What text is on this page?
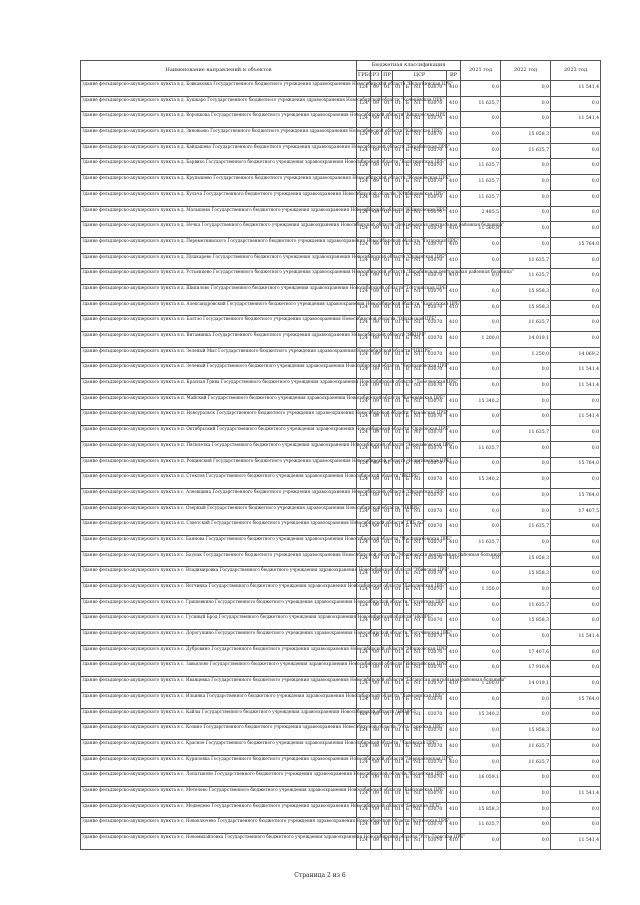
Наименование направлений и объектов	Бюджетная классификация								2021 год	2022 год	2023 год
	ГРБС	РЗ	ПР	ЦСР				ВР			
Здание фельдшерско-акушерского пункта в д. Бовкаковка Государственного бюджетного учреждения здравоохранения Новосибирской области "Болотнинская ЦРБ"	124	09	01	01	Б	N1	03070	410	0,0	0,0	11 541,4
Здание фельдшерско-акушерского пункта в д. Бушкаро Государственного бюджетного учреждения здравоохранения Новосибирской области "Коченёвская ЦРБ"	124	09	01	01	Б	N1	03070	410	11 635,7	0,0	0,0
Здание фельдшерско-акушерского пункта в д. Воронкова Государственного бюджетного учреждения здравоохранения Новосибирской области "Кыштовская ЦРБ"	124	09	01	01	Б	N1	03070	410	0,0	0,0	11 541,4
Здание фельдшерско-акушерского пункта в д. Зиновьево Государственного бюджетного учреждения здравоохранения Новосибирской области "Каменская ЦРБ"	124	09	01	01	Б	N1	03070	410	0,0	15 858,3	0,0
Здание фельдшерско-акушерского пункта в д. Кайдашево Государственного бюджетного учреждения здравоохранения Новосибирской области "Барабинская ЦРБ"	124	09	01	01	Б	N1	03070	410	0,0	11 635,7	0,0
Здание фельдшерско-акушерского пункта в д. Барвихо Государственного бюджетного учреждения здравоохранения Новосибирской области "Болотнинская ЦРБ"	124	09	01	01	Б	N1	03070	410	11 635,7	0,0	0,0
Здание фельдшерско-акушерского пункта в д. Крупышево Государственного бюджетного учреждения здравоохранения Новосибирской области "Коченёвская ЦРБ"	124	09	01	01	Б	N1	03070	410	11 635,7	0,0	0,0
Здание фельдшерско-акушерского пункта в д. Кульча Государственного бюджетного учреждения здравоохранения Новосибирской области "Куйбышевская ЦРБ"	124	09	01	01	Б	N1	03070	410	11 635,7	0,0	0,0
Здание фельдшерско-акушерского пункта в д. Малышево Государственного бюджетного учреждения здравоохранения Новосибирской области "Кыштовская ЦРБ"	124	09	01	01	Б	N1	03070	410	2 485,5	0,0	0,0
Здание фельдшерско-акушерского пункта в д. Ночка Государственного бюджетного учреждения здравоохранения Новосибирской области "Венгеровская центральная районная больница"	124	09	01	01	Б	N1	03070	410	11 560,8	0,0	0,0
Здание фельдшерско-акушерского пункта в д. Переметнинского Государственного бюджетного учреждения здравоохранения Новосибирской области "Татарская ЦРБ"	124	09	01	01	Б	N1	03070	410	0,0	0,0	15 764,0
Здание фельдшерско-акушерского пункта в д. Пушкарево Государственного бюджетного учреждения здравоохранения Новосибирской области "Ордынская ЦРБ"	124	09	01	01	Б	N1	03070	410	0,0	11 635,7	0,0
Здание фельдшерско-акушерского пункта в д. Устьянцево Государственного бюджетного учреждения здравоохранения Новосибирской области "Барабинская центральная районная больница"	124	09	01	01	Б	N1	03070	410	0,0	11 635,7	0,0
Здание фельдшерско-акушерского пункта в д. Шипилово Государственного бюджетного учреждения здравоохранения Новосибирской области "Тогучинская ЦРБ"	124	09	01	01	Б	N1	03070	410	0,0	15 858,3	0,0
Здание фельдшерско-акушерского пункта в п. Александровский Государственного бюджетного учреждения здравоохранения Новосибирской области "Каргатская ЦРБ"	124	09	01	01	Б	N1	03070	410	0,0	15 858,3	0,0
Здание фельдшерско-акушерского пункта в п. Балтэо Государственного бюджетного учреждения здравоохранения Новосибирской области "Ордынская ЦРБ"	124	09	01	01	Б	N1	03070	410	0,0	11 635,7	0,0
Здание фельдшерско-акушерского пункта в п. Витаминка Государственного бюджетного учреждения здравоохранения Новосибирской области "НКЦРБ"	124	09	01	01	Б	N1	03070	410	1 200,0	14 019,1	0,0
Здание фельдшерско-акушерского пункта в п. Зеленый Мыс Государственного бюджетного учреждения здравоохранения Новосибирской области "НКЦРБ"	124	09	01	01	Б	N1	03070	410	0,0	1 250,0	14 069,2
Здание фельдшерско-акушерского пункта в п. Зеленый Государственного бюджетного учреждения здравоохранения Новосибирской области "Черепановская ЦРБ"	124	09	01	01	Б	N1	03070	410	0,0	0,0	11 541,4
Здание фельдшерско-акушерского пункта в п. Красная Грива Государственного бюджетного учреждения здравоохранения Новосибирской области "Доволенская ЦРБ"	124	09	01	01	Б	N1	03070	410	0,0	0,0	11 541,4
Здание фельдшерско-акушерского пункта в п. Майский Государственного бюджетного учреждения здравоохранения Новосибирской области "Коченёвская ЦРБ"	124	09	01	01	Б	N1	03070	410	15 340,2	0,0	0,0
Здание фельдшерско-акушерского пункта в п. Новоуральск Государственного бюджетного учреждения здравоохранения Новосибирской области "Чановская ЦРБ"	124	09	01	01	Б	N1	03070	410	0,0	0,0	11 541,4
Здание фельдшерско-акушерского пункта в п. Октябрьский Государственного бюджетного учреждения здравоохранения Новосибирской области "Ордынская ЦРБ"	124	09	01	01	Б	N1	03070	410	0,0	11 635,7	0,0
Здание фельдшерско-акушерского пункта в п. Пятилетка Государственного бюджетного учреждения здравоохранения Новосибирской области "Черепановская ЦРБ"	124	09	01	01	Б	N1	03070	410	11 635,7	0,0	0,0
Здание фельдшерско-акушерского пункта в п. Рощинский Государственного бюджетного учреждения здравоохранения Новосибирской области "Искитимская ЦРБ"	124	09	01	01	Б	N1	03070	410	0,0	0,0	15 764,0
Здание фельдшерско-акушерского пункта в п. Стеклов Государственного бюджетного учреждения здравоохранения Новосибирской области "НКЦРБ"	124	09	01	01	Б	N1	03070	410	15 340,2	0,0	0,0
Здание фельдшерско-акушерского пункта в с. Алеевщина Государственного бюджетного учреждения здравоохранения Новосибирской области "Ордынская ЦРБ"	124	09	01	01	Б	N1	03070	410	0,0	0,0	15 764,0
Здание фельдшерско-акушерского пункта в с. Озерный Государственного бюджетного учреждения здравоохранения Новосибирской области "НКЦРБ"	124	09	01	01	Б	N1	03070	410	0,0	0,0	17 407,5
Здание фельдшерско-акушерского пункта в п. Советский Государственного бюджетного учреждения здравоохранения Новосибирской области "ГКБ №2"	124	09	01	01	Б	N1	03070	410	0,0	11 635,7	0,0
Здание фельдшерско-акушерского пункта в с. Баннова Государственного бюджетного учреждения здравоохранения Новосибирской области "Масляниковская ЦРБ"	124	09	01	01	Б	N1	03070	410	11 635,7	0,0	0,0
Здание фельдшерско-акушерского пункта в с. Баунак Государственного бюджетного учреждения здравоохранения Новосибирской области "Мошковская центральная районная больница"	124	09	01	01	Б	N1	03070	410	0,0	15 858,3	0,0
Здание фельдшерско-акушерского пункта в с. Владимировка Государственного бюджетного учреждения здравоохранения Новосибирской области "Убинская ЦРБ"	124	09	01	01	Б	N1	03070	410	0,0	15 858,3	0,0
Здание фельдшерско-акушерского пункта в с. Вотчинка Государственного бюджетного учреждения здравоохранения Новосибирской области "Доволенская ЦРБ"	124	09	01	01	Б	N1	03070	410	1 350,0	0,0	0,0
Здание фельдшерско-акушерского пункта в с. Гришевкино Государственного бюджетного учреждения здравоохранения Новосибирской области "Сузунская ЦРБ"	124	09	01	01	Б	N1	03070	410	0,0	11 635,7	0,0
Здание фельдшерско-акушерского пункта в с. Гусиный Брод Государственного бюджетного учреждения здравоохранения Новосибирской области "НКЦРБ"	124	09	01	01	Б	N1	03070	410	0,0	15 858,3	0,0
Здание фельдшерско-акушерского пункта в с. Дорогушино Государственного бюджетного учреждения здравоохранения Новосибирской области "Тогучинская ЦРБ"	124	09	01	01	Б	N1	03070	410	0,0	0,0	11 541,4
Здание фельдшерско-акушерского пункта в с. Дубровино Государственного бюджетного учреждения здравоохранения Новосибирской области "Мошковская ЦРБ"	124	09	01	01	Б	N1	03070	410	0,0	17 407,6	0,0
Здание фельдшерско-акушерского пункта в с. Завьялово Государственного бюджетного учреждения здравоохранения Новосибирской области "Искитимская ЦРБ"	124	09	01	01	Б	N1	03070	410	0,0	17 910,4	0,0
Здание фельдшерско-акушерского пункта в с. Иванцевка Государственного бюджетного учреждения здравоохранения Новосибирской области "Баганская центральная районная больница"	124	09	01	01	Б	N1	03070	410	1 200,0	14 019,1	0,0
Здание фельдшерско-акушерского пункта в с. Ильинка Государственного бюджетного учреждения здравоохранения Новосибирской области "Доволенская ЦРБ"	124	09	01	01	Б	N1	03070	410	0,0	0,0	15 764,0
Здание фельдшерско-акушерского пункта в с. Кайлы Государственного бюджетного учреждения здравоохранения Новосибирской области "НКЦРБ"	124	09	01	01	Б	N1	03070	410	15 340,2	0,0	0,0
Здание фельдшерско-акушерского пункта в с. Козино Государственного бюджетного учреждения здравоохранения Новосибирской области "Усть-Таркская ЦРБ"	124	09	01	01	Б	N1	03070	410	0,0	15 858,3	0,0
Здание фельдшерско-акушерского пункта в с. Красное Государственного бюджетного учреждения здравоохранения Новосибирской области "Чановская ЦРБ"	124	09	01	01	Б	N1	03070	410	0,0	11 635,7	0,0
Здание фельдшерско-акушерского пункта в с. Куриловка Государственного бюджетного учреждения здравоохранения Новосибирской области "Черепановская ЦРБ"	124	09	01	01	Б	N1	03070	410	0,0	11 635,7	0,0
Здание фельдшерско-акушерского пункта в с. Лопатыново Государственного бюджетного учреждения здравоохранения Новосибирской области "Баганская ЦРБ"	124	09	01	01	Б	N1	03070	410	16 059,1	0,0	0,0
Здание фельдшерско-акушерского пункта в с. Метелево Государственного бюджетного учреждения здравоохранения Новосибирской области "Кыштовская ЦРБ"	124	09	01	01	Б	N1	03070	410	0,0	0,0	11 541,4
Здание фельдшерско-акушерского пункта в с. Медведево Государственного бюджетного учреждения здравоохранения Новосибирской области "Бердская ЦГБ"	124	09	01	01	Б	N1	03070	410	15 858,3	0,0	0,0
Здание фельдшерско-акушерского пункта в с. Новоключево Государственного бюджетного учреждения здравоохранения Новосибирской области "Купинская ЦРБ"	124	09	01	01	Б	N1	03070	410	11 635,7	0,0	0,0
Здание фельдшерско-акушерского пункта в с. Новомихайловка Государственного бюджетного учреждения здравоохранения Новосибирской области "Усть-Таркская ЦРБ"	124	09	01	01	Б	N1	03070	410	0,0	0,0	11 541,4
Страница 2 из 6
